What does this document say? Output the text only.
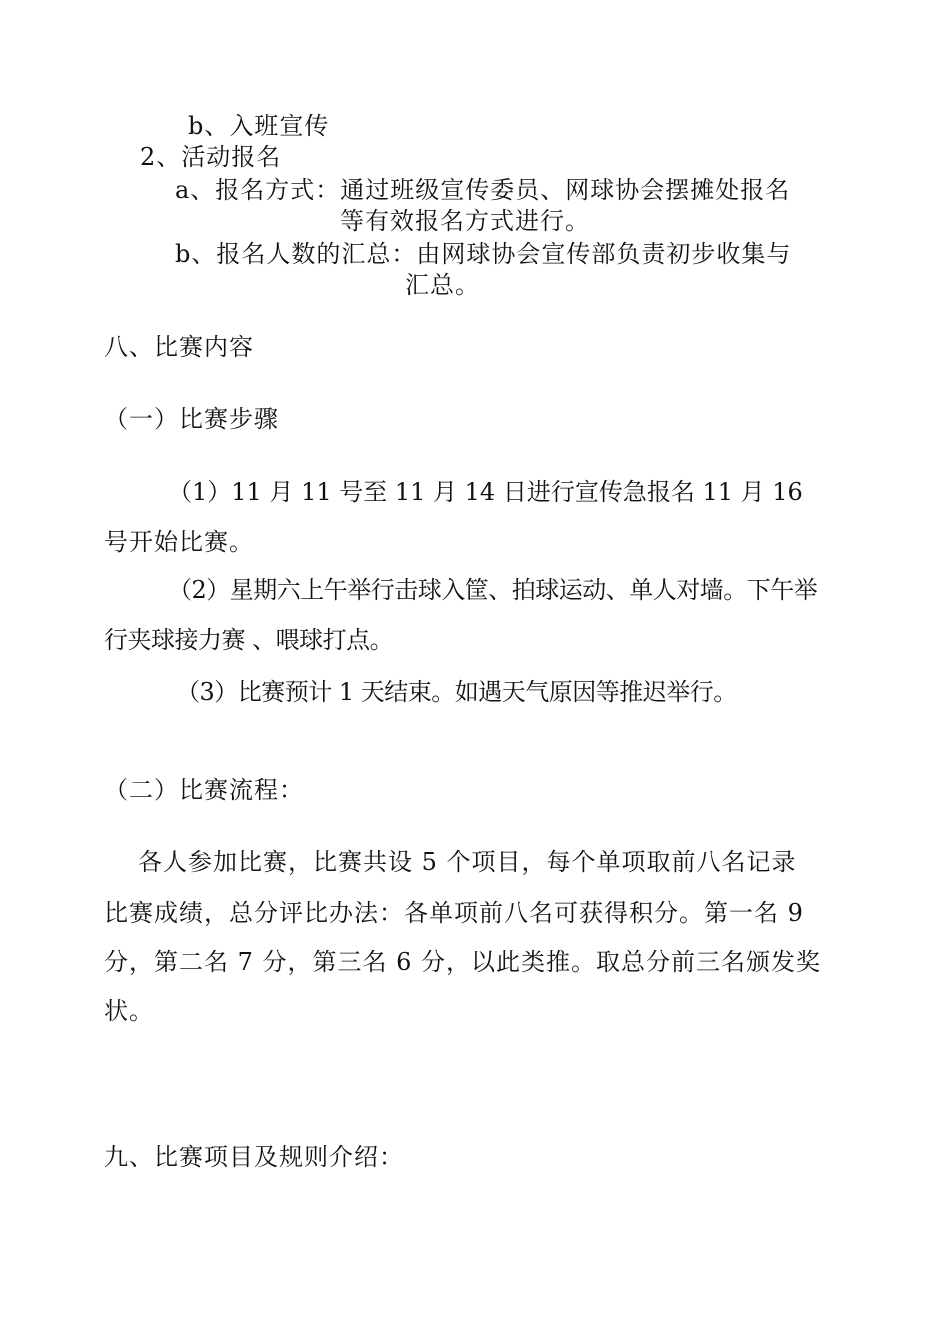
b、入班宣传
2、活动报名
a、报名方式：通过班级宣传委员、网球协会摆摊处报名
等有效报名方式进行。
b、报名人数的汇总：由网球协会宣传部负责初步收集与
汇总。
八、比赛内容
（一）比赛步骤
（1）11 月 11 号至 11 月 14 日进行宣传急报名 11 月 16
号开始比赛。
（2）星期六上午举行击球入筐、拍球运动、单人对墙。下午举
行夹球接力赛 、喂球打点。
（3）比赛预计 1 天结束。如遇天气原因等推迟举行。
（二）比赛流程：
各人参加比赛，比赛共设 5 个项目，每个单项取前八名记录
比赛成绩，总分评比办法：各单项前八名可获得积分。第一名 9
分，第二名 7 分，第三名 6 分，以此类推。取总分前三名颁发奖
状。
九、比赛项目及规则介绍：
